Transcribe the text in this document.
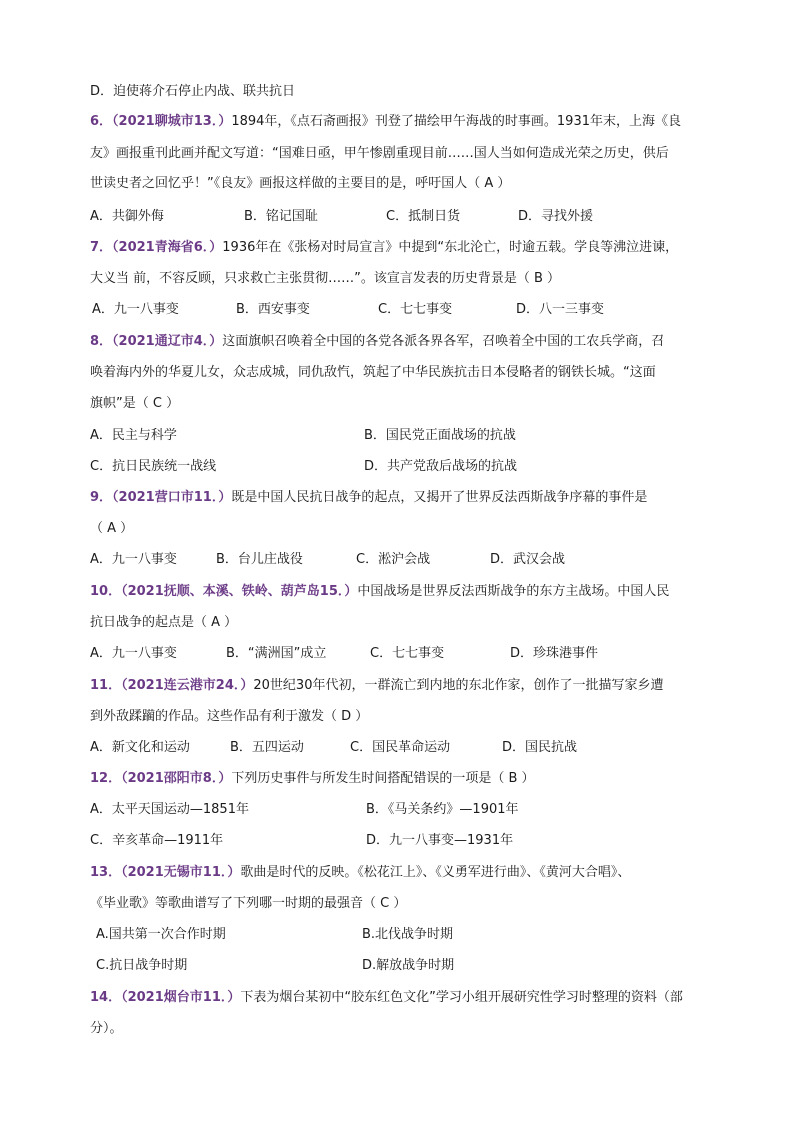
D．迫使蒋介石停止内战、联共抗日
6．（2021聊城市13．）1894年，《点石斋画报》刊登了描绘甲午海战的时事画。1931年末，上海《良
友》画报重刊此画并配文写道：“国难日亟，甲午惨剧重现目前……国人当如何造成光荣之历史，供后
世读史者之回忆乎！”《良友》画报这样做的主要目的是，呼吁国人（ A ）
A．共御外侮	B．铭记国耻	C．抵制日货	D．寻找外援
7．（2021青海省6．）1936年在《张杨对时局宣言》中提到“东北沦亡，时逾五载。学良等沸泣进谏，
大义当 前，不容反顾，只求救亡主张贯彻……”。该宣言发表的历史背景是（ B ）
A．九一八事变	B．西安事变	C．七七事变	D．八一三事变
8．（2021通辽市4．）这面旗帜召唤着全中国的各党各派各界各军，召唤着全中国的工农兵学商，召
唤着海内外的华夏儿女，众志成城，同仇敌忾，筑起了中华民族抗击日本侵略者的钢铁长城。“这面
旗帜”是（ C ）
A．民主与科学	B．国民党正面战场的抗战
C．抗日民族统一战线	D．共产党敌后战场的抗战
9．（2021营口市11．）既是中国人民抗日战争的起点，又揭开了世界反法西斯战争序幕的事件是
（ A ）
A．九一八事变	B．台儿庄战役	C．淞沪会战	D．武汉会战
10．（2021抚顺、本溪、铁岭、葫芦岛15．）中国战场是世界反法西斯战争的东方主战场。中国人民
抗日战争的起点是（ A ）
A．九一八事变	B．“满洲国”成立	C．七七事变	D．珍珠港事件
11．（2021连云港市24．）20世纪30年代初，一群流亡到内地的东北作家，创作了一批描写家乡遭
到外敌蹂躏的作品。这些作品有利于激发（ D ）
A．新文化和运动	B．五四运动	C．国民革命运动	D．国民抗战
12．（2021邵阳市8．）下列历史事件与所发生时间搭配错误的一项是（ B ）
A．太平天国运动—1851年	B．《马关条约》—1901年
C．辛亥革命—1911年	D．九一八事变—1931年
13．（2021无锡市11．）歌曲是时代的反映。《松花江上》、《义勇军进行曲》、《黄河大合唱》、
《毕业歌》等歌曲谱写了下列哪一时期的最强音（ C ）
A.国共第一次合作时期	B.北伐战争时期
C.抗日战争时期	D.解放战争时期
14．（2021烟台市11．）下表为烟台某初中“胶东红色文化”学习小组开展研究性学习时整理的资料（部
分）。
